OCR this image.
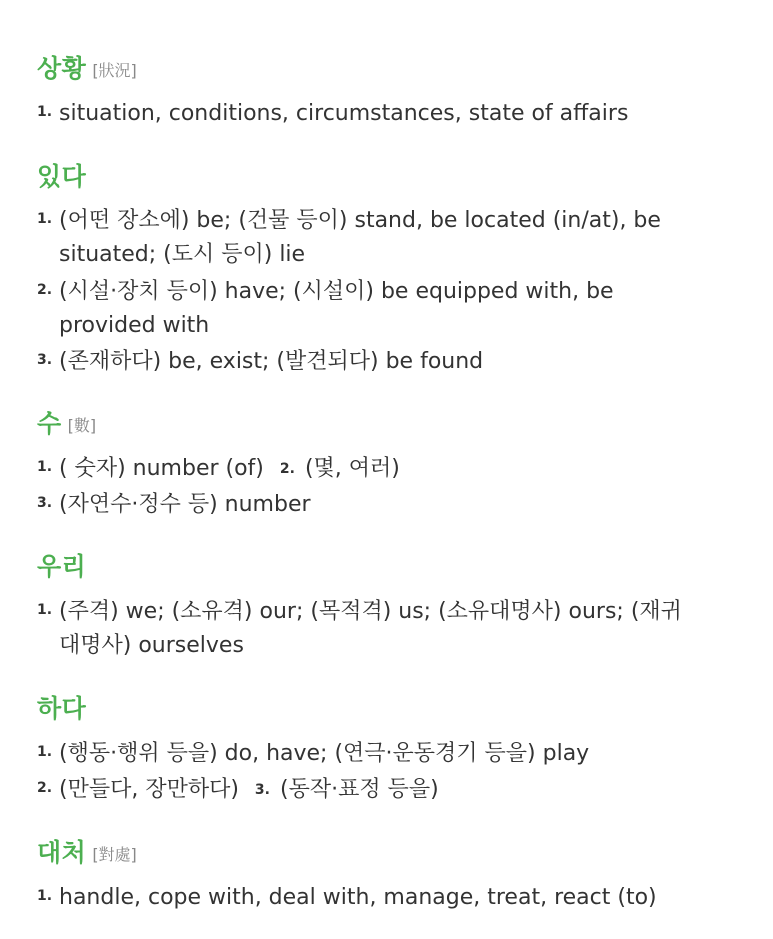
상황 [狀況]
1. situation, conditions, circumstances, state of affairs
있다
1. (어떤 장소에) be; (건물 등이) stand, be located (in/at), be situated; (도시 등이) lie
2. (시설·장치 등이) have; (시설이) be equipped with, be provided with
3. (존재하다) be, exist; (발견되다) be found
수 [數]
1. ( 숫자) number (of) 2. (몇, 여러)
3. (자연수·정수 등) number
우리
1. (주격) we; (소유격) our; (목적격) us; (소유대명사) ours; (재귀대명사) ourselves
하다
1. (행동·행위 등을) do, have; (연극·운동경기 등을) play
2. (만들다, 장만하다) 3. (동작·표정 등을)
대처 [對處]
1. handle, cope with, deal with, manage, treat, react (to)
